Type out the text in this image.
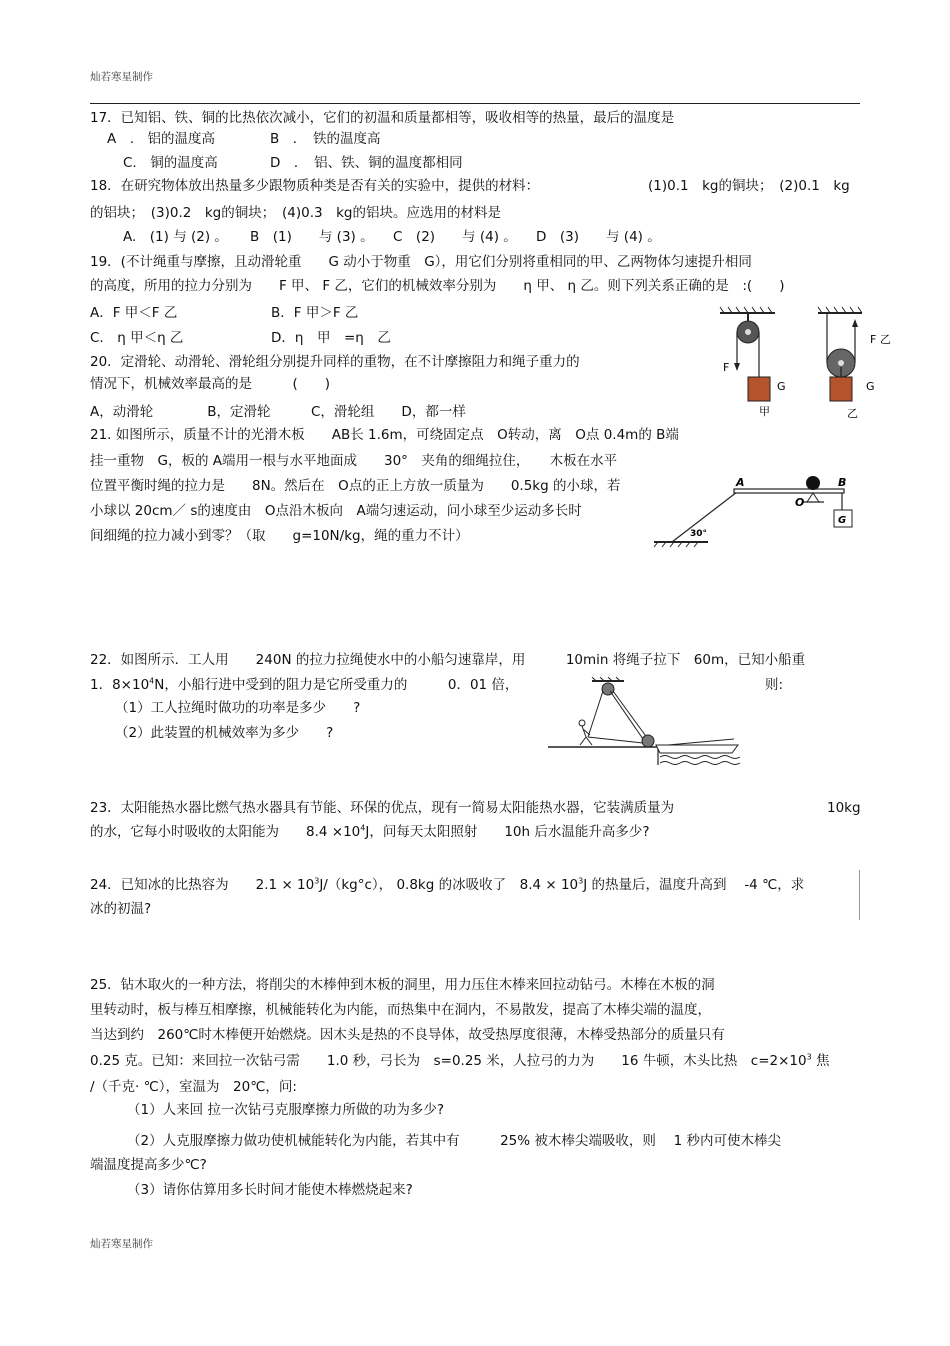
灿若寒星制作
灿若寒星制作
17．已知铝、铁、铜的比热依次减小，它们的初温和质量都相等，吸收相等的热量，最后的温度是
A　.　铝的温度高	B　．　铁的温度高
C.　铜的温度高	D　．　铝、铁、铜的温度都相同
18．在研究物体放出热量多少跟物质种类是否有关的实验中，提供的材料：	(1)0.1　kg的铜块；　(2)0.1　kg
的铝块；　(3)0.2　kg的铜块；　(4)0.3　kg的铝块。应选用的材料是
A.　(1) 与 (2) 。 B　(1)　　与 (3) 。 C　(2)　　与 (4) 。 D　(3)　　与 (4) 。
19．(不计绳重与摩擦，且动滑轮重　　G 动小于物重　G），用它们分别将重相同的甲、乙两物体匀速提升相同
的高度，所用的拉力分别为　　F 甲、 F 乙，它们的机械效率分别为　　η 甲、 η 乙。则下列关系正确的是　:(　　)
A．F 甲＜F 乙	B．F 甲＞F 乙
C.　η 甲＜η 乙	D．η　甲　=η　乙
20．定滑轮、动滑轮、滑轮组分别提升同样的重物，在不计摩擦阻力和绳子重力的
情况下，机械效率最高的是　　　(　　)
A，动滑轮　　　　B，定滑轮　　　C，滑轮组　　D，都一样
F
G
甲
F 乙
G
乙
21. 如图所示，质量不计的光滑木板　　AB长 1.6m，可绕固定点　O转动，离　O点 0.4m的 B端
挂一重物　G，板的 A端用一根与水平地面成　　30°　夹角的细绳拉住，　　木板在水平
位置平衡时绳的拉力是　　8N。然后在　O点的正上方放一质量为　　0.5kg 的小球，若
小球以 20cm／ s的速度由　O点沿木板向　A端匀速运动，问小球至少运动多长时
间细绳的拉力减小到零？（取　　g=10N/kg，绳的重力不计）
A	B
O
G
30°
22．如图所示．工人用　　240N 的拉力拉绳使水中的小船匀速靠岸，用　　　10min 将绳子拉下　60m，已知小船重
1．$8\times 10^4N$，小船行进中受到的阻力是它所受重力的　　　0．01 倍，	则:
（1）工人拉绳时做功的功率是多少　　?
（2）此装置的机械效率为多少　　?
23．太阳能热水器比燃气热水器具有节能、环保的优点，现有一简易太阳能热水器，它装满质量为	10kg
的水，它每小时吸收的太阳能为　　$8.4 \times 10^4J$，问每天太阳照射　　10h 后水温能升高多少?
24．已知冰的比热容为　　$2.1 \times 10^3J/(kg^\circ c)$， 0.8kg 的冰吸收了　$8.4 \times 10^3J$ 的热量后，温度升高到　 -4 ℃，求
冰的初温?
25．钻木取火的一种方法，将削尖的木棒伸到木板的洞里，用力压住木棒来回拉动钻弓。木棒在木板的洞
里转动时，板与棒互相摩擦，机械能转化为内能，而热集中在洞内，不易散发，提高了木棒尖端的温度，
当达到约　260℃时木棒便开始燃烧。因木头是热的不良导体，故受热厚度很薄，木棒受热部分的质量只有
0.25 克。已知：来回拉一次钻弓需　　1.0 秒，弓长为　s=0.25 米，人拉弓的力为　　16 牛顿，木头比热　$c=2\times 10^3$ 焦
/（千克· ℃），室温为　20℃，问:
（1）人来回 拉一次钻弓克服摩擦力所做的功为多少?
（2）人克服摩擦力做功使机械能转化为内能，若其中有　　　25% 被木棒尖端吸收，则　 1 秒内可使木棒尖
端温度提高多少℃?
（3）请你估算用多长时间才能使木棒燃烧起来?
